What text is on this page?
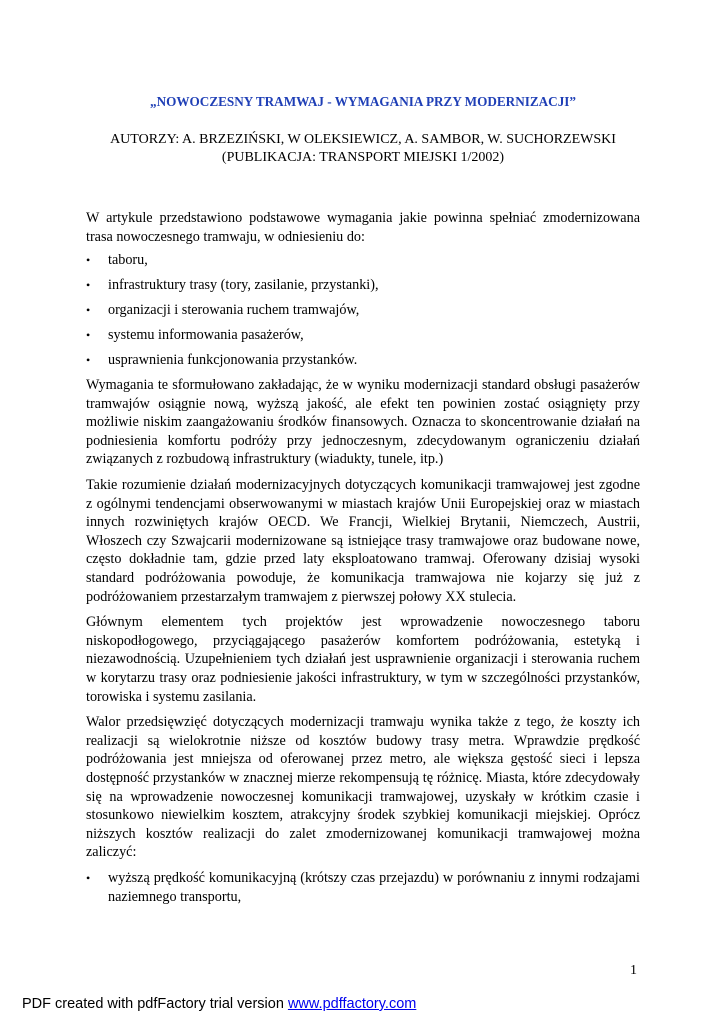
„NOWOCZESNY TRAMWAJ - WYMAGANIA PRZY MODERNIZACJI”
AUTORZY: A. BRZEZIŃSKI, W OLEKSIEWICZ, A. SAMBOR, W. SUCHORZEWSKI
(PUBLIKACJA: TRANSPORT MIEJSKI 1/2002)

W artykule przedstawiono podstawowe wymagania jakie powinna spełniać zmodernizowana trasa nowoczesnego tramwaju, w odniesieniu do:

• taboru,
• infrastruktury trasy (tory, zasilanie, przystanki),
• organizacji i sterowania ruchem tramwajów,
• systemu informowania pasażerów,
• usprawnienia funkcjonowania przystanków.

Wymagania te sformułowano zakładając, że w wyniku modernizacji standard obsługi pasażerów tramwajów osiągnie nową, wyższą jakość, ale efekt ten powinien zostać osiągnięty przy możliwie niskim zaangażowaniu środków finansowych. Oznacza to skoncentrowanie działań na podniesienia komfortu podróży przy jednoczesnym, zdecydowanym ograniczeniu działań związanych z rozbudową infrastruktury (wiadukty, tunele, itp.)

Takie rozumienie działań modernizacyjnych dotyczących komunikacji tramwajowej jest zgodne z ogólnymi tendencjami obserwowanymi w miastach krajów Unii Europejskiej oraz w miastach innych rozwiniętych krajów OECD. We Francji, Wielkiej Brytanii, Niemczech, Austrii, Włoszech czy Szwajcarii modernizowane są istniejące trasy tramwajowe oraz budowane nowe, często dokładnie tam, gdzie przed laty eksploatowano tramwaj. Oferowany dzisiaj wysoki standard podróżowania powoduje, że komunikacja tramwajowa nie kojarzy się już z podróżowaniem przestarzałym tramwajem z pierwszej połowy XX stulecia.

Głównym elementem tych projektów jest wprowadzenie nowoczesnego taboru niskopodłogowego, przyciągającego pasażerów komfortem podróżowania, estetyką i niezawodnością. Uzupełnieniem tych działań jest usprawnienie organizacji i sterowania ruchem w korytarzu trasy oraz podniesienie jakości infrastruktury, w tym w szczególności przystanków, torowiska i systemu zasilania.

Walor przedsięwzięć dotyczących modernizacji tramwaju wynika także z tego, że koszty ich realizacji są wielokrotnie niższe od kosztów budowy trasy metra. Wprawdzie prędkość podróżowania jest mniejsza od oferowanej przez metro, ale większa gęstość sieci i lepsza dostępność przystanków w znacznej mierze rekompensują tę różnicę. Miasta, które zdecydowały się na wprowadzenie nowoczesnej komunikacji tramwajowej, uzyskały w krótkim czasie i stosunkowo niewielkim kosztem, atrakcyjny środek szybkiej komunikacji miejskiej. Oprócz niższych kosztów realizacji do zalet zmodernizowanej komunikacji tramwajowej można zaliczyć:

• wyższą prędkość komunikacyjną (krótszy czas przejazdu) w porównaniu z innymi rodzajami naziemnego transportu,
1
PDF created with pdfFactory trial version www.pdffactory.com
